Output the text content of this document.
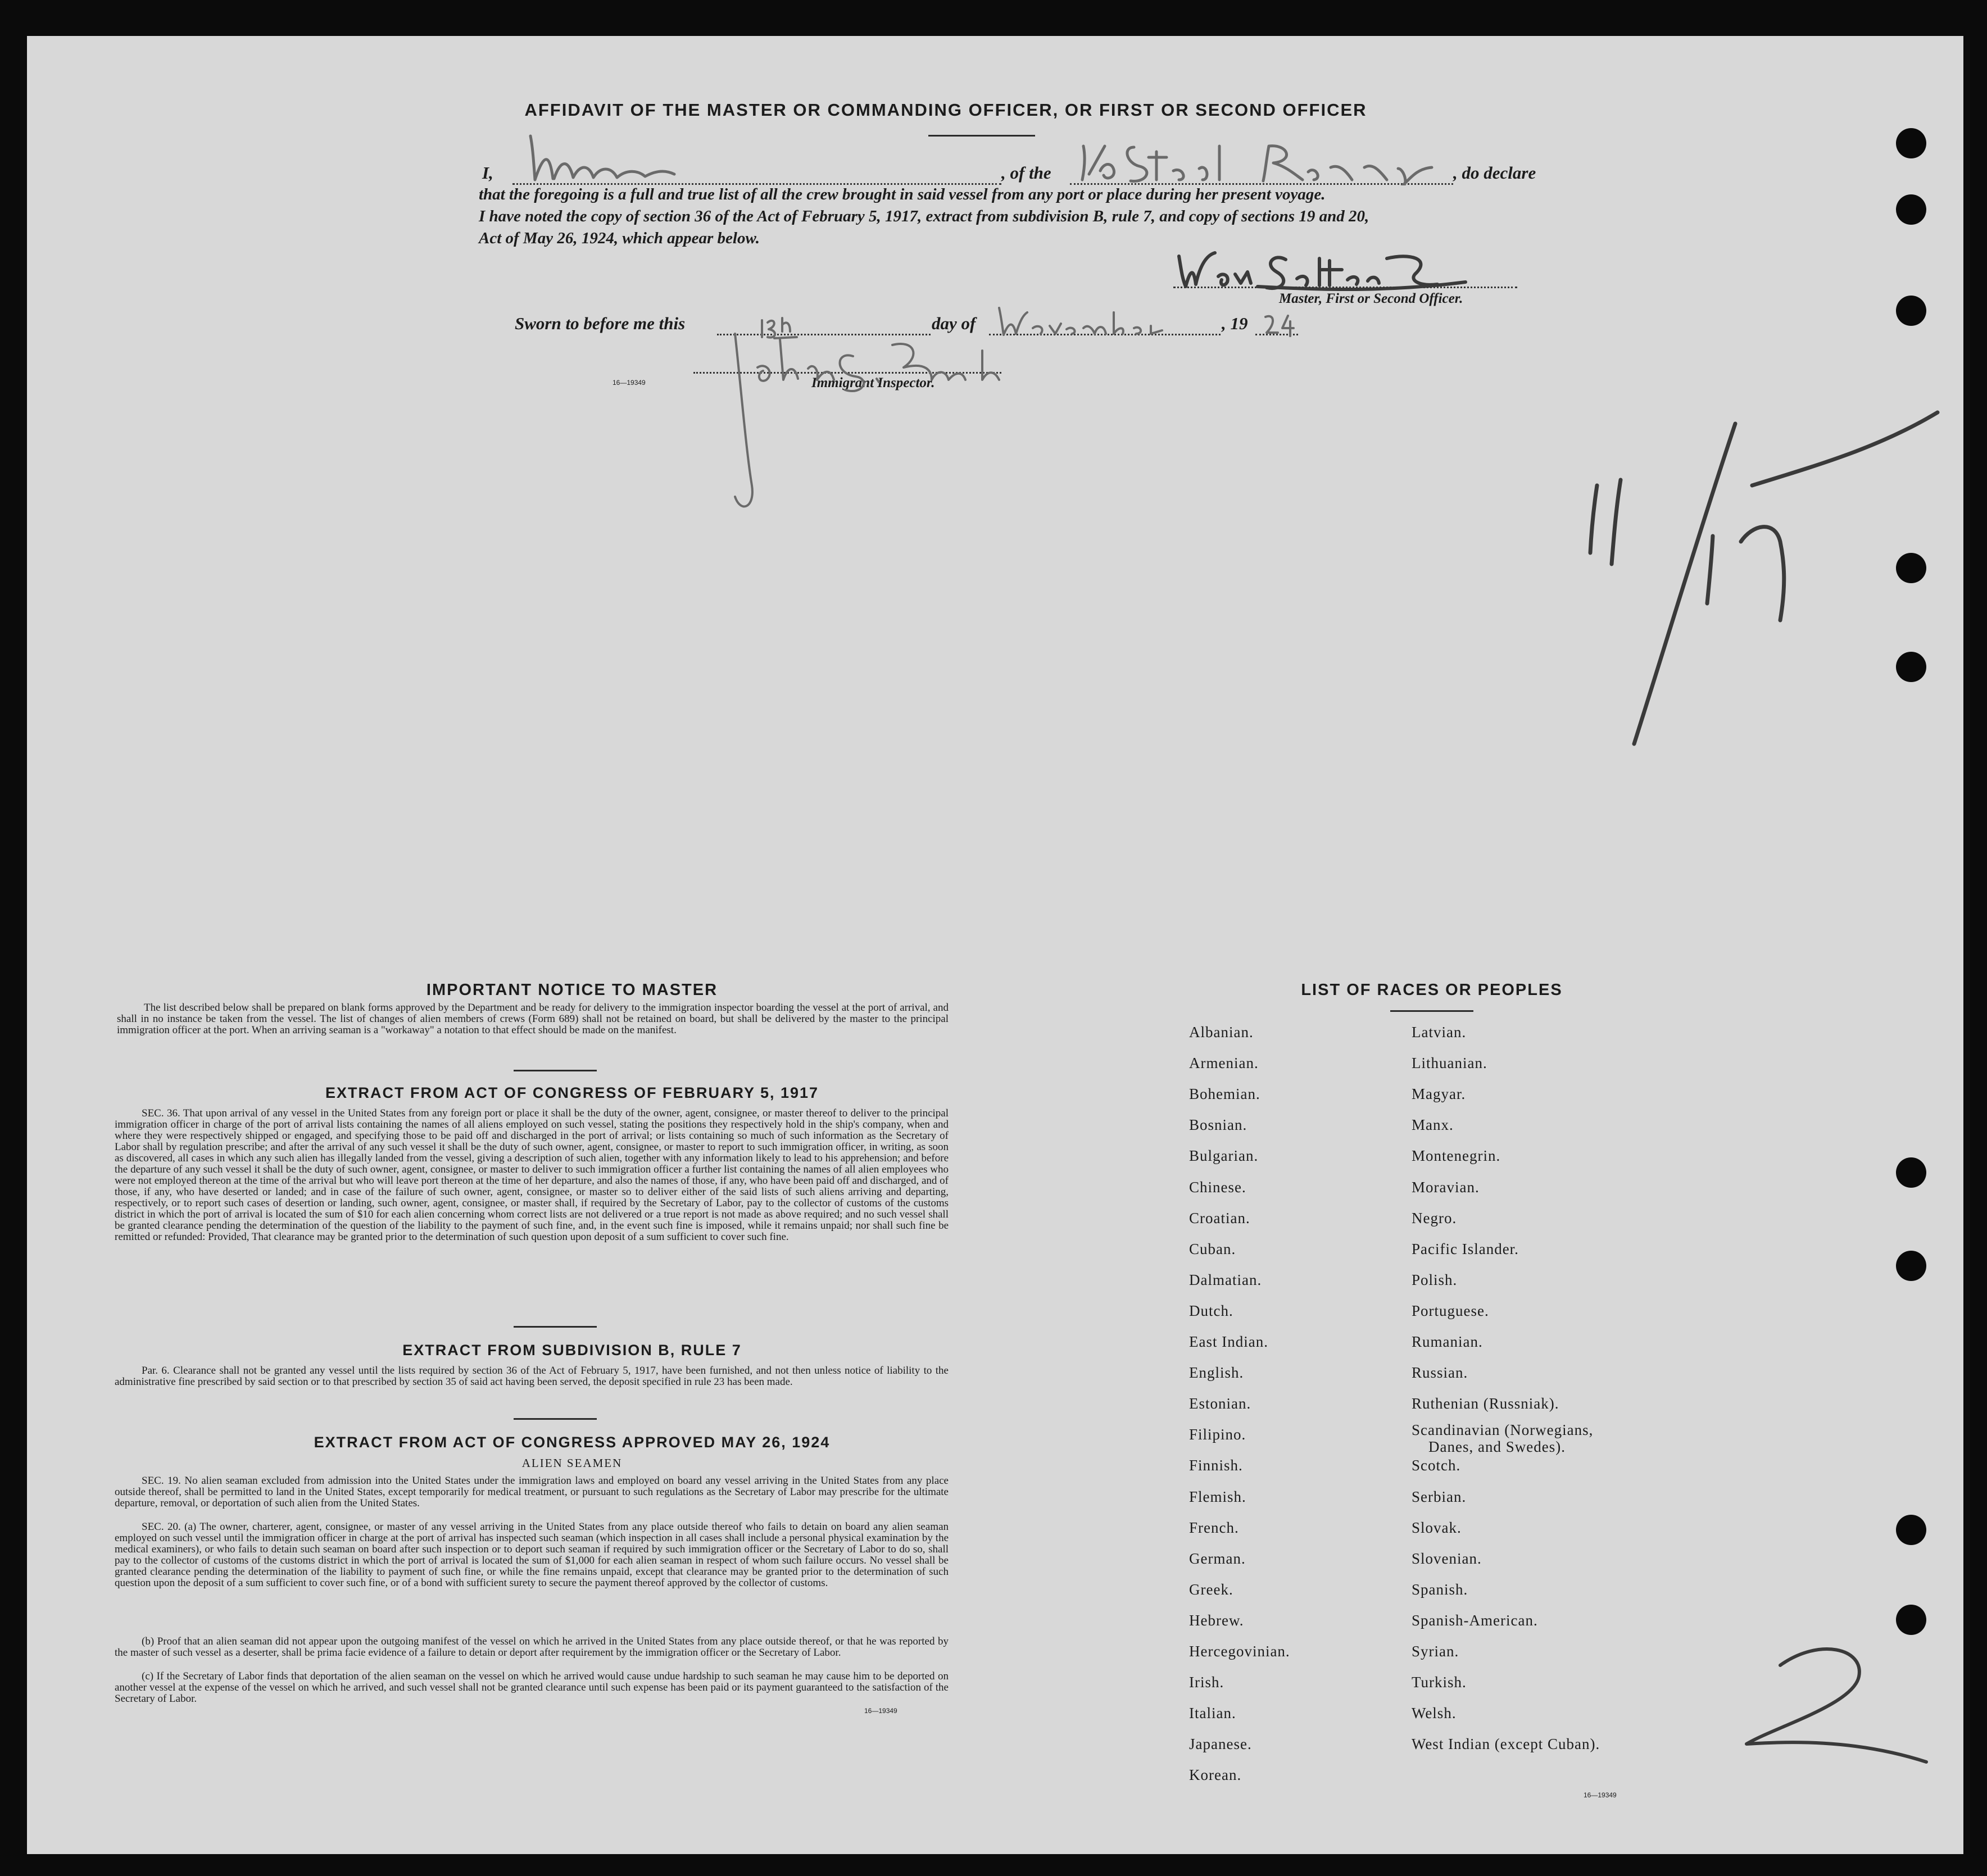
AFFIDAVIT OF THE MASTER OR COMMANDING OFFICER, OR FIRST OR SECOND OFFICER
I,	, of the	, do declare
that the foregoing is a full and true list of all the crew brought in said vessel from any port or place during her present voyage.
I have noted the copy of section 36 of the Act of February 5, 1917, extract from subdivision B, rule 7, and copy of sections 19 and 20,
Act of May 26, 1924, which appear below.
Master, First or Second Officer.
Sworn to before me this	day of	, 19
16—19349	Immigrant Inspector.
IMPORTANT NOTICE TO MASTER
The list described below shall be prepared on blank forms approved by the Department and be ready for delivery to the immigration inspector boarding the vessel at the port of arrival, and shall in no instance be taken from the vessel. The list of changes of alien members of crews (Form 689) shall not be retained on board, but shall be delivered by the master to the principal immigration officer at the port. When an arriving seaman is a "workaway" a notation to that effect should be made on the manifest.
EXTRACT FROM ACT OF CONGRESS OF FEBRUARY 5, 1917
SEC. 36. That upon arrival of any vessel in the United States from any foreign port or place it shall be the duty of the owner, agent, consignee, or master thereof to deliver to the principal immigration officer in charge of the port of arrival lists containing the names of all aliens employed on such vessel, stating the positions they respectively hold in the ship's company, when and where they were respectively shipped or engaged, and specifying those to be paid off and discharged in the port of arrival; or lists containing so much of such information as the Secretary of Labor shall by regulation prescribe; and after the arrival of any such vessel it shall be the duty of such owner, agent, consignee, or master to report to such immigration officer, in writing, as soon as discovered, all cases in which any such alien has illegally landed from the vessel, giving a description of such alien, together with any information likely to lead to his apprehension; and before the departure of any such vessel it shall be the duty of such owner, agent, consignee, or master to deliver to such immigration officer a further list containing the names of all alien employees who were not employed thereon at the time of the arrival but who will leave port thereon at the time of her departure, and also the names of those, if any, who have been paid off and discharged, and of those, if any, who have deserted or landed; and in case of the failure of such owner, agent, consignee, or master so to deliver either of the said lists of such aliens arriving and departing, respectively, or to report such cases of desertion or landing, such owner, agent, consignee, or master shall, if required by the Secretary of Labor, pay to the collector of customs of the customs district in which the port of arrival is located the sum of $10 for each alien concerning whom correct lists are not delivered or a true report is not made as above required; and no such vessel shall be granted clearance pending the determination of the question of the liability to the payment of such fine, and, in the event such fine is imposed, while it remains unpaid; nor shall such fine be remitted or refunded: Provided, That clearance may be granted prior to the determination of such question upon deposit of a sum sufficient to cover such fine.
EXTRACT FROM SUBDIVISION B, RULE 7
Par. 6. Clearance shall not be granted any vessel until the lists required by section 36 of the Act of February 5, 1917, have been furnished, and not then unless notice of liability to the administrative fine prescribed by said section or to that prescribed by section 35 of said act having been served, the deposit specified in rule 23 has been made.
EXTRACT FROM ACT OF CONGRESS APPROVED MAY 26, 1924
ALIEN SEAMEN
SEC. 19. No alien seaman excluded from admission into the United States under the immigration laws and employed on board any vessel arriving in the United States from any place outside thereof, shall be permitted to land in the United States, except temporarily for medical treatment, or pursuant to such regulations as the Secretary of Labor may prescribe for the ultimate departure, removal, or deportation of such alien from the United States.
SEC. 20. (a) The owner, charterer, agent, consignee, or master of any vessel arriving in the United States from any place outside thereof who fails to detain on board any alien seaman employed on such vessel until the immigration officer in charge at the port of arrival has inspected such seaman (which inspection in all cases shall include a personal physical examination by the medical examiners), or who fails to detain such seaman on board after such inspection or to deport such seaman if required by such immigration officer or the Secretary of Labor to do so, shall pay to the collector of customs of the customs district in which the port of arrival is located the sum of $1,000 for each alien seaman in respect of whom such failure occurs. No vessel shall be granted clearance pending the determination of the liability to payment of such fine, or while the fine remains unpaid, except that clearance may be granted prior to the determination of such question upon the deposit of a sum sufficient to cover such fine, or of a bond with sufficient surety to secure the payment thereof approved by the collector of customs.
(b) Proof that an alien seaman did not appear upon the outgoing manifest of the vessel on which he arrived in the United States from any place outside thereof, or that he was reported by the master of such vessel as a deserter, shall be prima facie evidence of a failure to detain or deport after requirement by the immigration officer or the Secretary of Labor.
(c) If the Secretary of Labor finds that deportation of the alien seaman on the vessel on which he arrived would cause undue hardship to such seaman he may cause him to be deported on another vessel at the expense of the vessel on which he arrived, and such vessel shall not be granted clearance until such expense has been paid or its payment guaranteed to the satisfaction of the Secretary of Labor.
16—19349
LIST OF RACES OR PEOPLES
16—19349
Albanian.
Armenian.
Bohemian.
Bosnian.
Bulgarian.
Chinese.
Croatian.
Cuban.
Dalmatian.
Dutch.
East Indian.
English.
Estonian.
Filipino.
Finnish.
Flemish.
French.
German.
Greek.
Hebrew.
Hercegovinian.
Irish.
Italian.
Japanese.
Korean.
Latvian.
Lithuanian.
Magyar.
Manx.
Montenegrin.
Moravian.
Negro.
Pacific Islander.
Polish.
Portuguese.
Rumanian.
Russian.
Ruthenian (Russniak).
Scandinavian (Norwegians,
Danes, and Swedes).
Scotch.
Serbian.
Slovak.
Slovenian.
Spanish.
Spanish-American.
Syrian.
Turkish.
Welsh.
West Indian (except Cuban).
